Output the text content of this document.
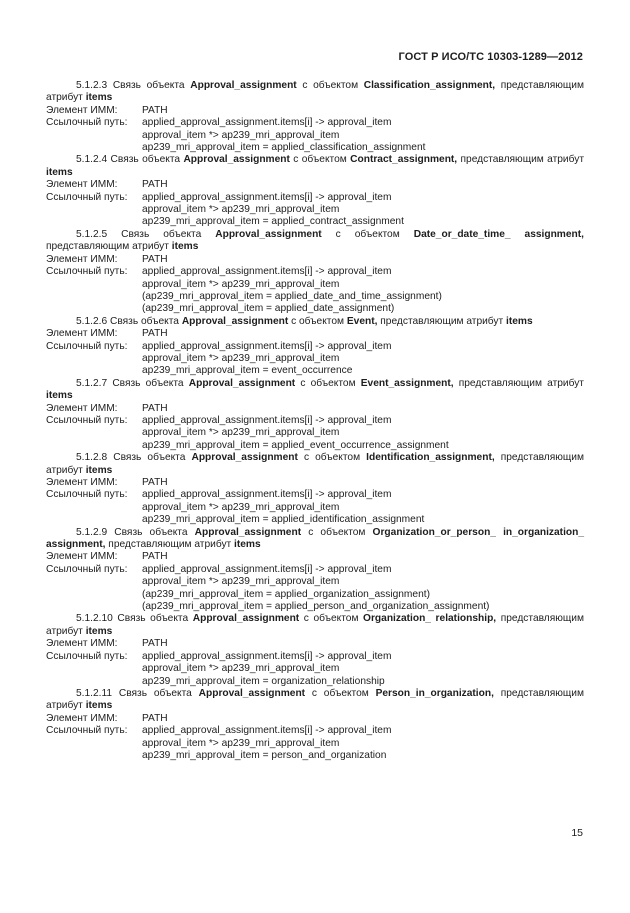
ГОСТ Р ИСО/ТС 10303-1289—2012
5.1.2.3 Связь объекта Approval_assignment с объектом Classification_assignment, представляющим атрибут items
Элемент ИММ: PATH
Ссылочный путь: applied_approval_assignment.items[i] -> approval_item
approval_item *> ap239_mri_approval_item
ap239_mri_approval_item = applied_classification_assignment
5.1.2.4 Связь объекта Approval_assignment с объектом Contract_assignment, представляющим атрибут items
Элемент ИММ: PATH
Ссылочный путь: applied_approval_assignment.items[i] -> approval_item
approval_item *> ap239_mri_approval_item
ap239_mri_approval_item = applied_contract_assignment
5.1.2.5 Связь объекта Approval_assignment с объектом Date_or_date_time_ assignment, представляющим атрибут items
Элемент ИММ: PATH
Ссылочный путь: applied_approval_assignment.items[i] -> approval_item
approval_item *> ap239_mri_approval_item
(ap239_mri_approval_item = applied_date_and_time_assignment)
(ap239_mri_approval_item = applied_date_assignment)
5.1.2.6 Связь объекта Approval_assignment с объектом Event, представляющим атрибут items
Элемент ИММ: PATH
Ссылочный путь: applied_approval_assignment.items[i] -> approval_item
approval_item *> ap239_mri_approval_item
ap239_mri_approval_item = event_occurrence
5.1.2.7 Связь объекта Approval_assignment с объектом Event_assignment, представляющим атрибут items
Элемент ИММ: PATH
Ссылочный путь: applied_approval_assignment.items[i] -> approval_item
approval_item *> ap239_mri_approval_item
ap239_mri_approval_item = applied_event_occurrence_assignment
5.1.2.8 Связь объекта Approval_assignment с объектом Identification_assignment, представляющим атрибут items
Элемент ИММ: PATH
Ссылочный путь: applied_approval_assignment.items[i] -> approval_item
approval_item *> ap239_mri_approval_item
ap239_mri_approval_item = applied_identification_assignment
5.1.2.9 Связь объекта Approval_assignment с объектом Organization_or_person_ in_organization_ assignment, представляющим атрибут items
Элемент ИММ: PATH
Ссылочный путь: applied_approval_assignment.items[i] -> approval_item
approval_item *> ap239_mri_approval_item
(ap239_mri_approval_item = applied_organization_assignment)
(ap239_mri_approval_item = applied_person_and_organization_assignment)
5.1.2.10 Связь объекта Approval_assignment с объектом Organization_ relationship, представляющим атрибут items
Элемент ИММ: PATH
Ссылочный путь: applied_approval_assignment.items[i] -> approval_item
approval_item *> ap239_mri_approval_item
ap239_mri_approval_item = organization_relationship
5.1.2.11 Связь объекта Approval_assignment с объектом Person_in_organization, представляющим атрибут items
Элемент ИММ: PATH
Ссылочный путь: applied_approval_assignment.items[i] -> approval_item
approval_item *> ap239_mri_approval_item
ap239_mri_approval_item = person_and_organization
15
